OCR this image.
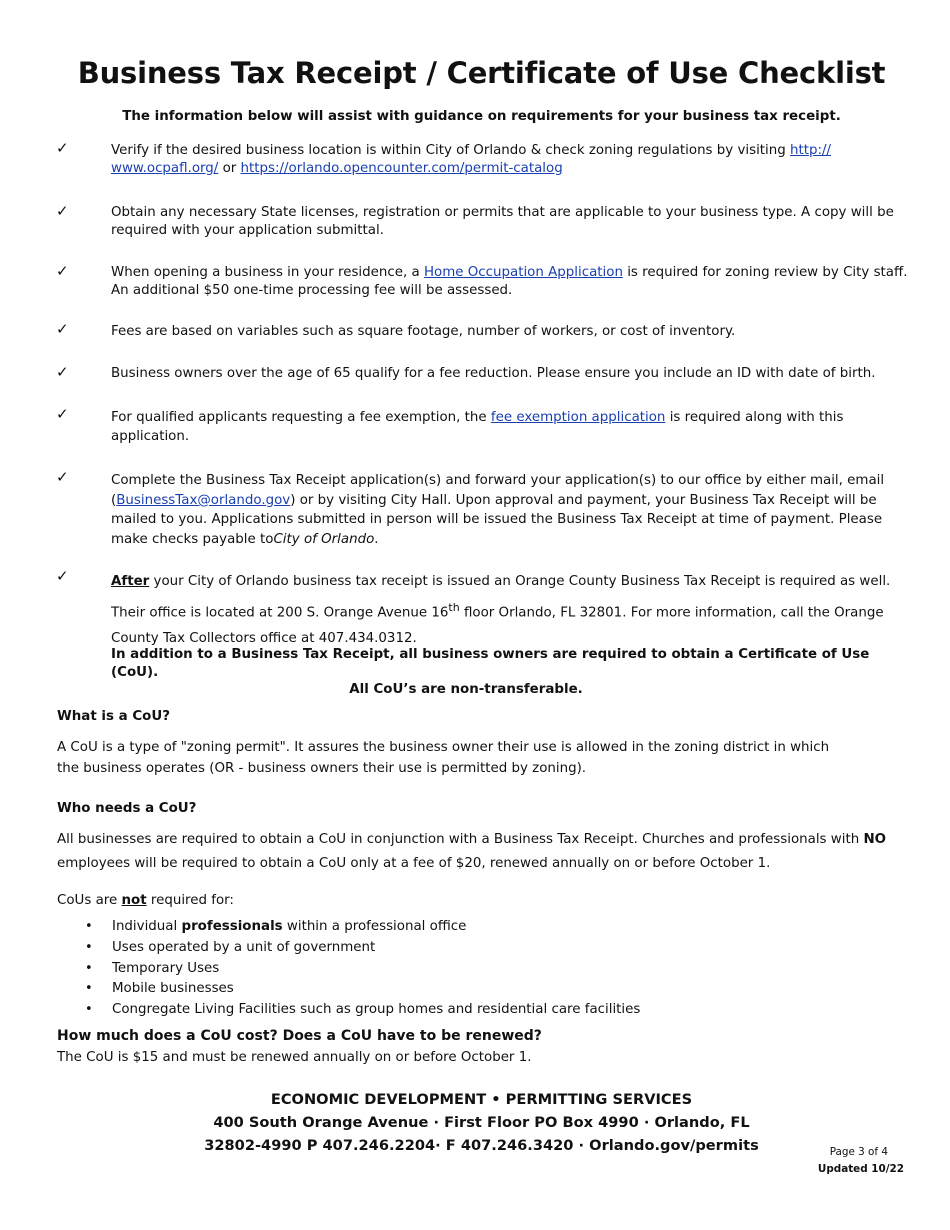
Business Tax Receipt / Certificate of Use Checklist

The information below will assist with guidance on requirements for your business tax receipt.

✓	Verify if the desired business location is within City of Orlando & check zoning regulations by visiting http://
www.ocpafl.org/ or https://orlando.opencounter.com/permit-catalog

✓	Obtain any necessary State licenses, registration or permits that are applicable to your business type. A copy will be required with your application submittal.

✓	When opening a business in your residence, a Home Occupation Application is required for zoning review by City staff.
An additional $50 one-time processing fee will be assessed.

✓	Fees are based on variables such as square footage, number of workers, or cost of inventory.

✓	Business owners over the age of 65 qualify for a fee reduction. Please ensure you include an ID with date of birth.

✓	For qualified applicants requesting a fee exemption, the fee exemption application is required along with this application.

✓	Complete the Business Tax Receipt application(s) and forward your application(s) to our office by either mail, email
(BusinessTax@orlando.gov) or by visiting City Hall. Upon approval and payment, your Business Tax Receipt will be mailed to you. Applications submitted in person will be issued the Business Tax Receipt at time of payment. Please make checks payable toCity of Orlando.

✓	After your City of Orlando business tax receipt is issued an Orange County Business Tax Receipt is required as well.
Their office is located at 200 S. Orange Avenue 16th floor Orlando, FL 32801. For more information, call the Orange
County Tax Collectors office at 407.434.0312.

In addition to a Business Tax Receipt, all business owners are required to obtain a Certificate of Use (CoU).

All CoU’s are non-transferable.

What is a CoU?

A CoU is a type of "zoning permit". It assures the business owner their use is allowed in the zoning district in which
the business operates (OR - business owners their use is permitted by zoning).

Who needs a CoU?

All businesses are required to obtain a CoU in conjunction with a Business Tax Receipt. Churches and professionals with NO
employees will be required to obtain a CoU only at a fee of $20, renewed annually on or before October 1.

CoUs are not required for:

• Individual professionals within a professional office
• Uses operated by a unit of government
• Temporary Uses
• Mobile businesses
• Congregate Living Facilities such as group homes and residential care facilities

How much does a CoU cost? Does a CoU have to be renewed?

The CoU is $15 and must be renewed annually on or before October 1.

ECONOMIC DEVELOPMENT • PERMITTING SERVICES

400 South Orange Avenue · First Floor PO Box 4990 · Orlando, FL

32802-4990 P 407.246.2204· F 407.246.3420 · Orlando.gov/permits	Page 3 of 4

Updated 10/22
